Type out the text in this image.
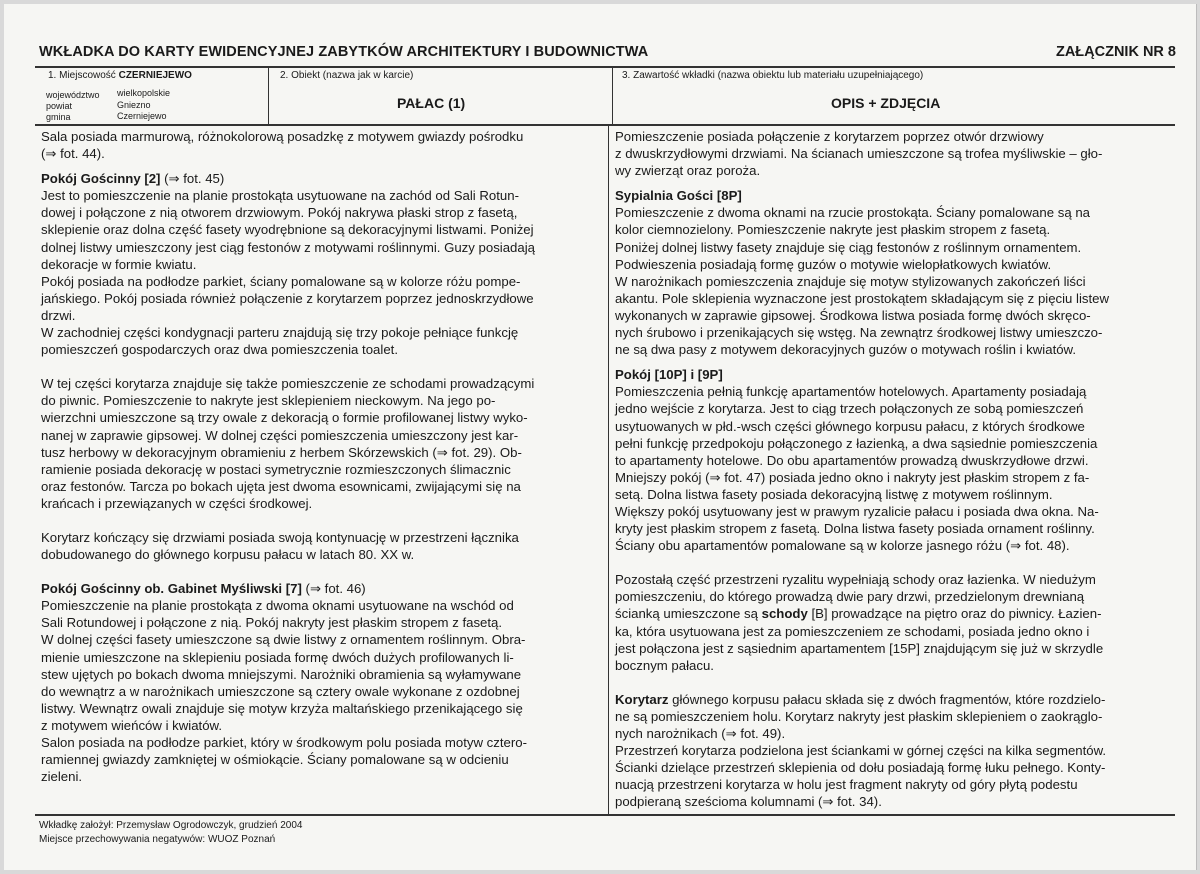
WKŁADKA DO KARTY EWIDENCYJNEJ ZABYTKÓW ARCHITEKTURY I BUDOWNICTWA	ZAŁĄCZNIK NR 8
1. Miejscowość CZERNIEJEWO
województwo wielkopolskie
powiat	Gniezno
gmina	Czerniejewo
2. Obiekt (nazwa jak w karcie)
PAŁAC (1)
3. Zawartość wkładki (nazwa obiektu lub materiału uzupełniającego)
OPIS + ZDJĘCIA

Sala posiada marmurową, różnokolorową posadzkę z motywem gwiazdy pośrodku

(⇒ fot. 44).

Pokój Gościnny [2] (⇒ fot. 45)

Jest to pomieszczenie na planie prostokąta usytuowane na zachód od Sali Rotun-

dowej i połączone z nią otworem drzwiowym. Pokój nakrywa płaski strop z fasetą,

sklepienie oraz dolna część fasety wyodrębnione są dekoracyjnymi listwami. Poniżej

dolnej listwy umieszczony jest ciąg festonów z motywami roślinnymi. Guzy posiadają

dekoracje w formie kwiatu.

Pokój posiada na podłodze parkiet, ściany pomalowane są w kolorze różu pompe-

jańskiego. Pokój posiada również połączenie z korytarzem poprzez jednoskrzydłowe

drzwi.

W zachodniej części kondygnacji parteru znajdują się trzy pokoje pełniące funkcję

pomieszczeń gospodarczych oraz dwa pomieszczenia toalet.

W tej części korytarza znajduje się także pomieszczenie ze schodami prowadzącymi

do piwnic. Pomieszczenie to nakryte jest sklepieniem nieckowym. Na jego po-

wierzchni umieszczone są trzy owale z dekoracją o formie profilowanej listwy wyko-

nanej w zaprawie gipsowej. W dolnej części pomieszczenia umieszczony jest kar-

tusz herbowy w dekoracyjnym obramieniu z herbem Skórzewskich (⇒ fot. 29). Ob-

ramienie posiada dekorację w postaci symetrycznie rozmieszczonych ślimacznic

oraz festonów. Tarcza po bokach ujęta jest dwoma esownicami, zwijającymi się na

krańcach i przewiązanych w części środkowej.

Korytarz kończący się drzwiami posiada swoją kontynuację w przestrzeni łącznika

dobudowanego do głównego korpusu pałacu w latach 80. XX w.

Pokój Gościnny ob. Gabinet Myśliwski [7] (⇒ fot. 46)

Pomieszczenie na planie prostokąta z dwoma oknami usytuowane na wschód od

Sali Rotundowej i połączone z nią. Pokój nakryty jest płaskim stropem z fasetą.

W dolnej części fasety umieszczone są dwie listwy z ornamentem roślinnym. Obra-

mienie umieszczone na sklepieniu posiada formę dwóch dużych profilowanych li-

stew ujętych po bokach dwoma mniejszymi. Narożniki obramienia są wyłamywane

do wewnątrz a w narożnikach umieszczone są cztery owale wykonane z ozdobnej

listwy. Wewnątrz owali znajduje się motyw krzyża maltańskiego przenikającego się

z motywem wieńców i kwiatów.

Salon posiada na podłodze parkiet, który w środkowym polu posiada motyw cztero-

ramiennej gwiazdy zamkniętej w ośmiokącie. Ściany pomalowane są w odcieniu

zieleni.

Pomieszczenie posiada połączenie z korytarzem poprzez otwór drzwiowy

z dwuskrzydłowymi drzwiami. Na ścianach umieszczone są trofea myśliwskie – gło-

wy zwierząt oraz poroża.

Sypialnia Gości [8P]

Pomieszczenie z dwoma oknami na rzucie prostokąta. Ściany pomalowane są na

kolor ciemnozielony. Pomieszczenie nakryte jest płaskim stropem z fasetą.

Poniżej dolnej listwy fasety znajduje się ciąg festonów z roślinnym ornamentem.

Podwieszenia posiadają formę guzów o motywie wielopłatkowych kwiatów.

W narożnikach pomieszczenia znajduje się motyw stylizowanych zakończeń liści

akantu. Pole sklepienia wyznaczone jest prostokątem składającym się z pięciu listew

wykonanych w zaprawie gipsowej. Środkowa listwa posiada formę dwóch skręco-

nych śrubowo i przenikających się wstęg. Na zewnątrz środkowej listwy umieszczo-

ne są dwa pasy z motywem dekoracyjnych guzów o motywach roślin i kwiatów.

Pokój [10P] i [9P]

Pomieszczenia pełnią funkcję apartamentów hotelowych. Apartamenty posiadają

jedno wejście z korytarza. Jest to ciąg trzech połączonych ze sobą pomieszczeń

usytuowanych w płd.-wsch części głównego korpusu pałacu, z których środkowe

pełni funkcję przedpokoju połączonego z łazienką, a dwa sąsiednie pomieszczenia

to apartamenty hotelowe. Do obu apartamentów prowadzą dwuskrzydłowe drzwi.

Mniejszy pokój (⇒ fot. 47) posiada jedno okno i nakryty jest płaskim stropem z fa-

setą. Dolna listwa fasety posiada dekoracyjną listwę z motywem roślinnym.

Większy pokój usytuowany jest w prawym ryzalicie pałacu i posiada dwa okna. Na-

kryty jest płaskim stropem z fasetą. Dolna listwa fasety posiada ornament roślinny.

Ściany obu apartamentów pomalowane są w kolorze jasnego różu (⇒ fot. 48).

Pozostałą część przestrzeni ryzalitu wypełniają schody oraz łazienka. W niedużym

pomieszczeniu, do którego prowadzą dwie pary drzwi, przedzielonym drewnianą

ścianką umieszczone są schody [B] prowadzące na piętro oraz do piwnicy. Łazien-

ka, która usytuowana jest za pomieszczeniem ze schodami, posiada jedno okno i

jest połączona jest z sąsiednim apartamentem [15P] znajdującym się już w skrzydle

bocznym pałacu.

Korytarz głównego korpusu pałacu składa się z dwóch fragmentów, które rozdzielo-

ne są pomieszczeniem holu. Korytarz nakryty jest płaskim sklepieniem o zaokrąglo-

nych narożnikach (⇒ fot. 49).

Przestrzeń korytarza podzielona jest ściankami w górnej części na kilka segmentów.

Ścianki dzielące przestrzeń sklepienia od dołu posiadają formę łuku pełnego. Konty-

nuacją przestrzeni korytarza w holu jest fragment nakryty od góry płytą podestu

podpieraną sześcioma kolumnami (⇒ fot. 34).

Wkładkę założył: Przemysław Ogrodowczyk, grudzień 2004
Miejsce przechowywania negatywów: WUOZ Poznań
